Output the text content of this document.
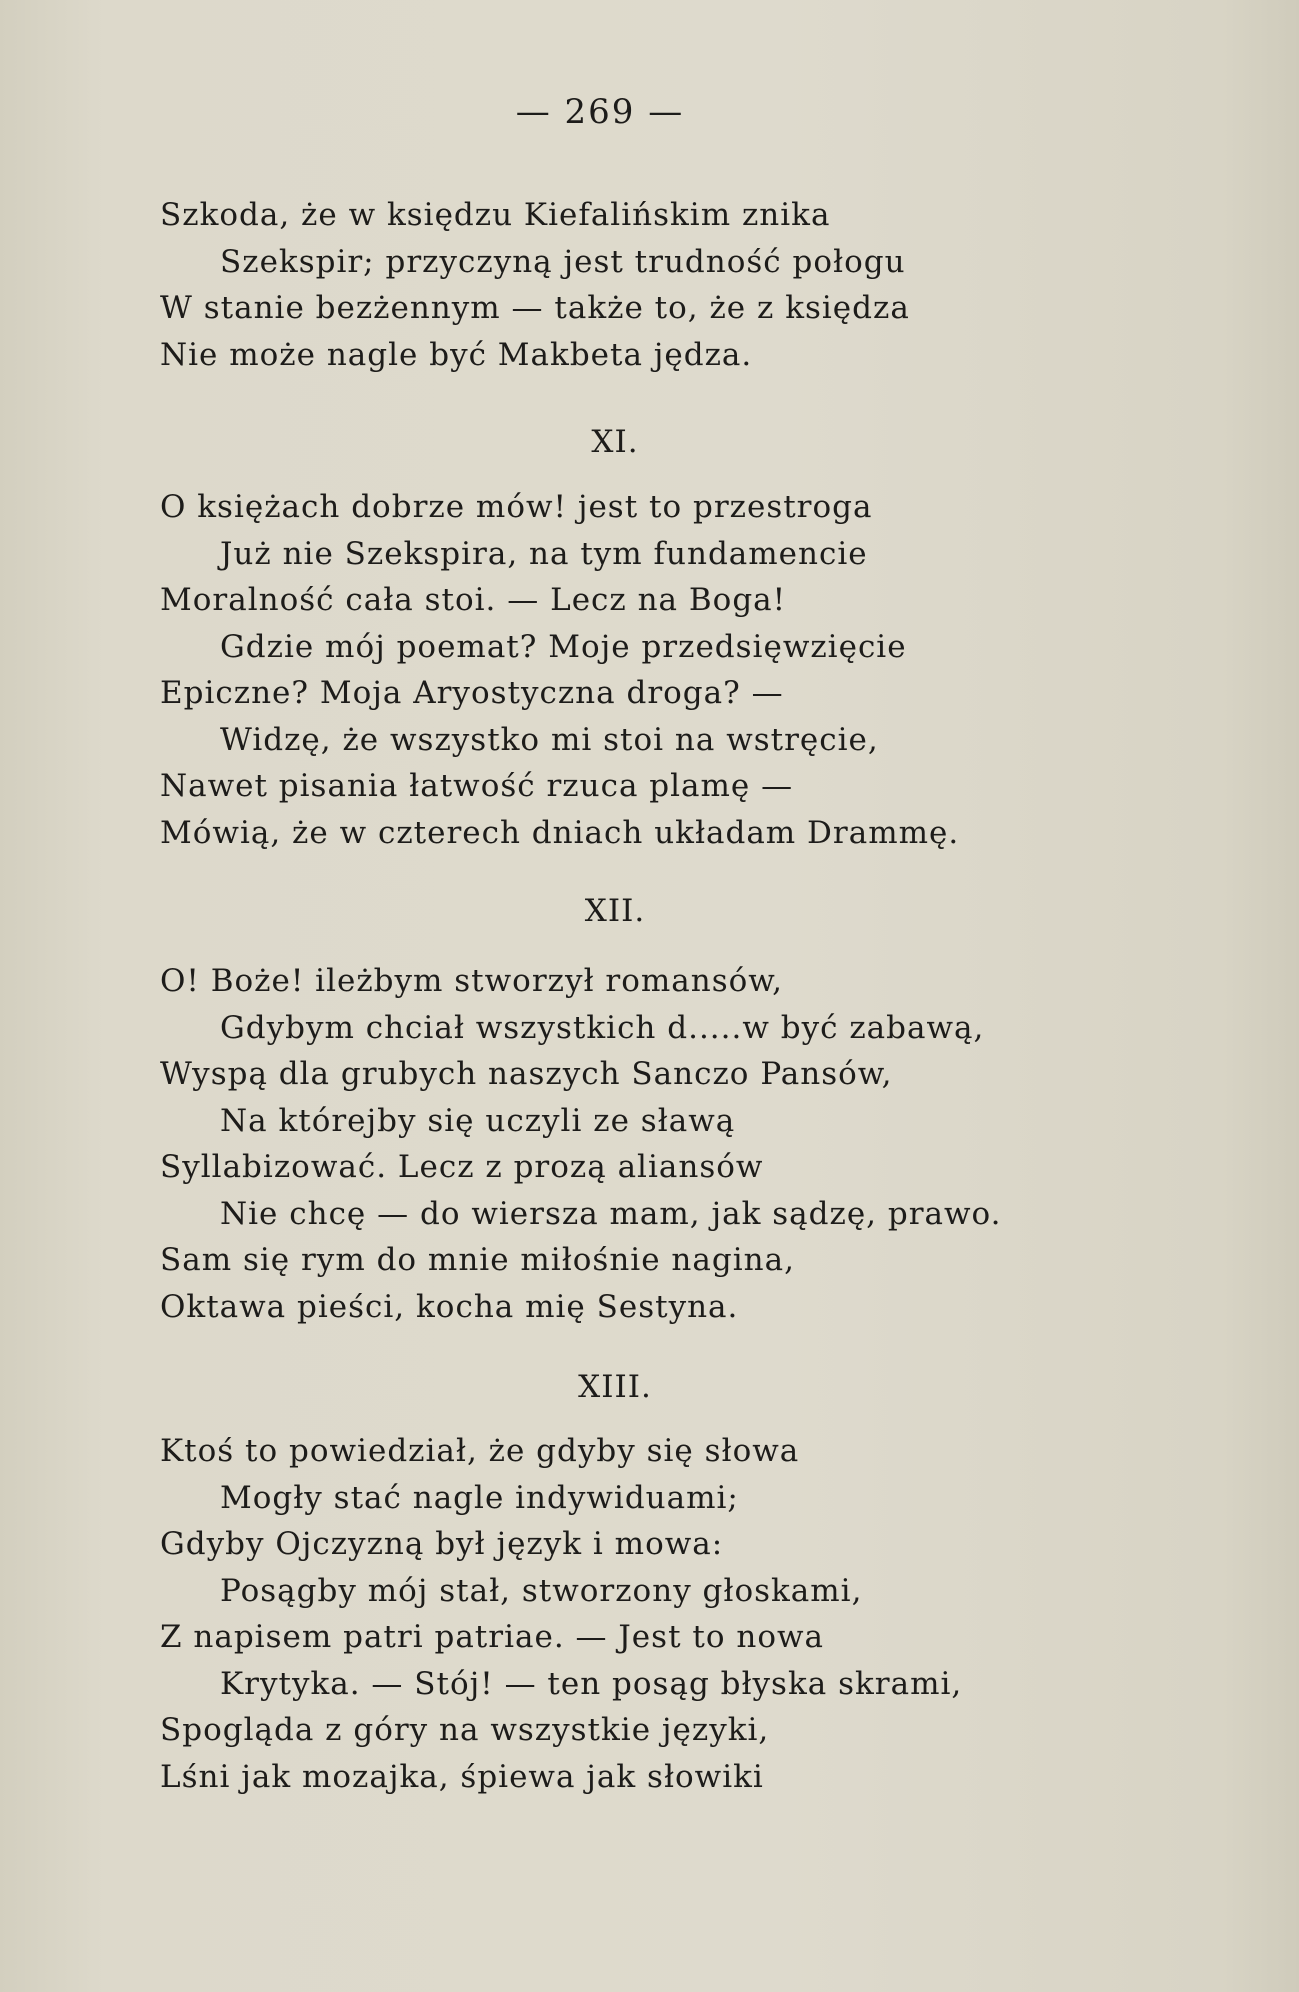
— 269 —
Szkoda, że w księdzu Kiefalińskim znika
Szekspir; przyczyną jest trudność połogu
W stanie bezżennym — także to, że z księdza
Nie może nagle być Makbeta jędza.
XI.
O księżach dobrze mów! jest to przestroga
Już nie Szekspira, na tym fundamencie
Moralność cała stoi. — Lecz na Boga!
Gdzie mój poemat? Moje przedsięwzięcie
Epiczne? Moja Aryostyczna droga? —
Widzę, że wszystko mi stoi na wstręcie,
Nawet pisania łatwość rzuca plamę —
Mówią, że w czterech dniach układam Drammę.
XII.
O! Boże! ileżbym stworzył romansów,
Gdybym chciał wszystkich d.....w być zabawą,
Wyspą dla grubych naszych Sanczo Pansów,
Na którejby się uczyli ze sławą
Syllabizować. Lecz z prozą aliansów
Nie chcę — do wiersza mam, jak sądzę, prawo.
Sam się rym do mnie miłośnie nagina,
Oktawa pieści, kocha mię Sestyna.
XIII.
Ktoś to powiedział, że gdyby się słowa
Mogły stać nagle indywiduami;
Gdyby Ojczyzną był język i mowa:
Posągby mój stał, stworzony głoskami,
Z napisem patri patriae. — Jest to nowa
Krytyka. — Stój! — ten posąg błyska skrami,
Spogląda z góry na wszystkie języki,
Lśni jak mozajka, śpiewa jak słowiki
